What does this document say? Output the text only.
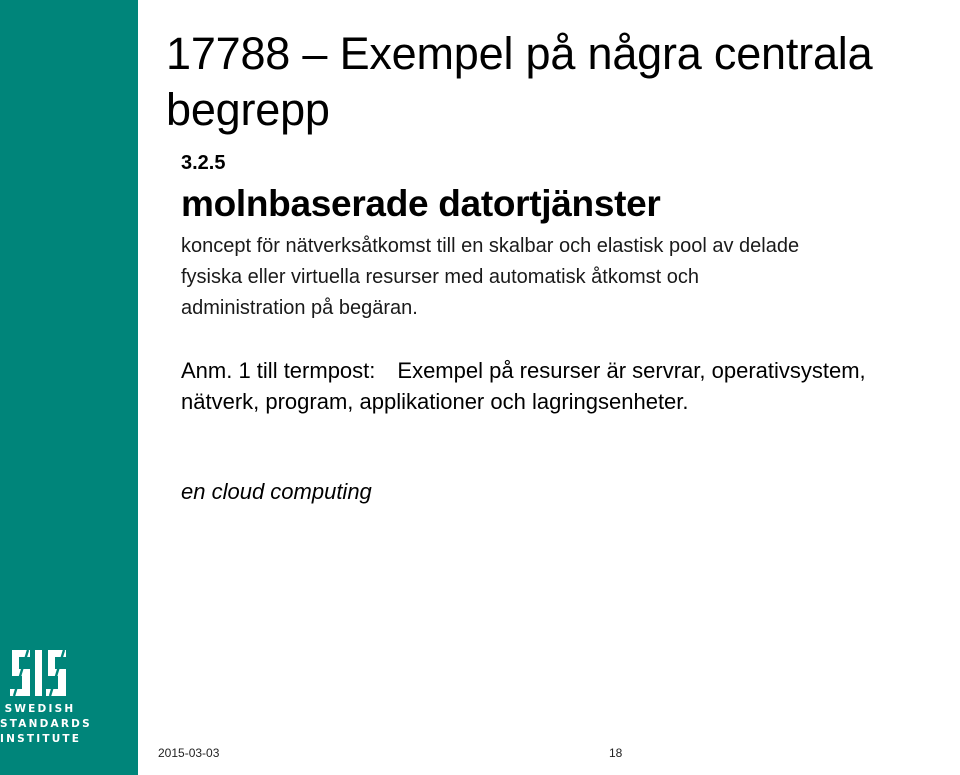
SWEDISH
STANDARDS
INSTITUTE
17788 – Exempel på några centrala begrepp
3.2.5
molnbaserade datortjänster

koncept för nätverksåtkomst till en skalbar och elastisk pool av delade fysiska eller virtuella resurser med automatisk åtkomst och administration på begäran.

Anm. 1 till termpost: Exempel på resurser är servrar, operativsystem, nätverk, program, applikationer och lagringsenheter.

en cloud computing
2015-03-03	18
